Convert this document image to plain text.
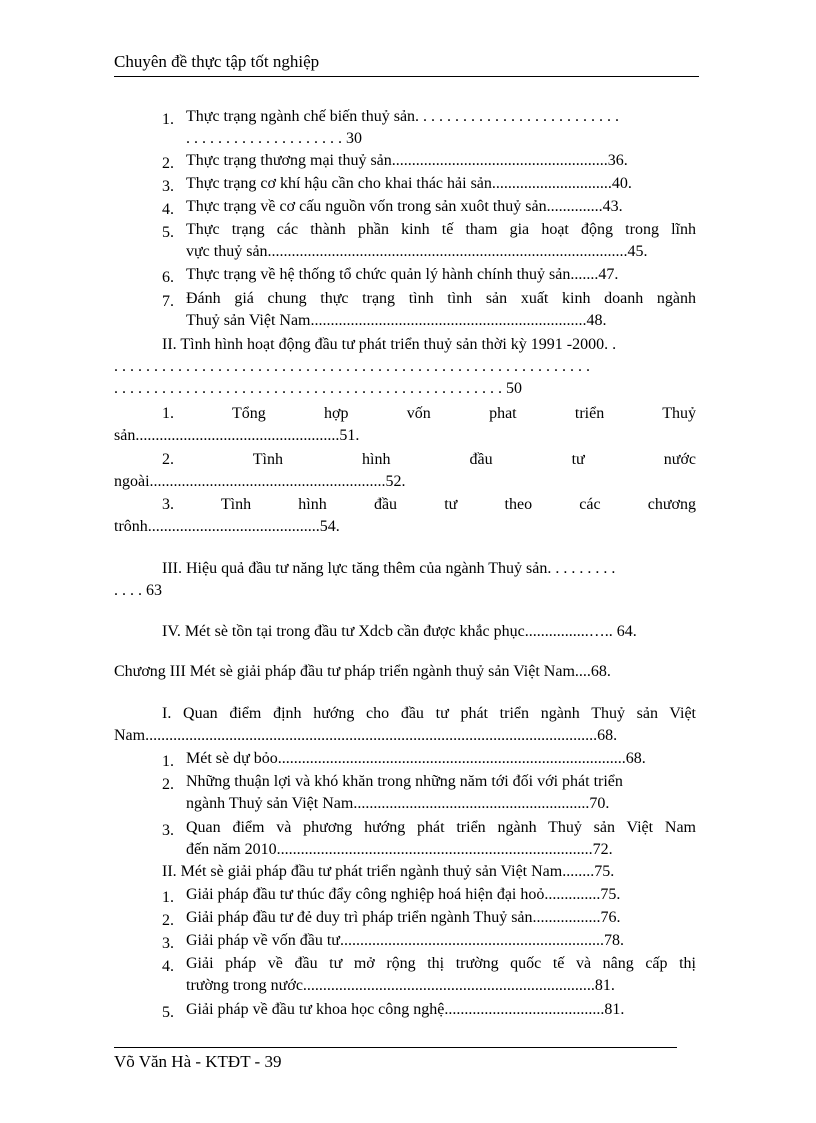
Chuyên đề thực tập tốt nghiệp
1. Thực trạng ngành chế biến thuỷ sản. . . . . . . . . . . . . . . . . . . . . . . . . .
. . . . . . . . . . . . . . . . . . . . 30
2. Thực trạng thương mại thuỷ sản......................................................36.
3. Thực trạng cơ khí hậu cần cho khai thác hải sản..............................40.
4. Thực trạng về cơ cấu nguồn vốn trong sản xuôt thuỷ sản..............43.
5. Thực trạng các thành phần kinh tế tham gia hoạt động trong lĩnh
vực thuỷ sản..........................................................................................45.
6. Thực trạng về hệ thống tổ chức quản lý hành chính thuỷ sản.......47.
7. Đánh giá chung thực trạng tình tình sản xuất kinh doanh ngành
Thuỷ sản Việt Nam.....................................................................48.
II. Tình hình hoạt động đầu tư phát triển thuỷ sản thời kỳ 1991 -2000. .
. . . . . . . . . . . . . . . . . . . . . . . . . . . . . . . . . . . . . . . . . . . . . . . . . . . . . . . . . . . .
. . . . . . . . . . . . . . . . . . . . . . . . . . . . . . . . . . . . . . . . . . . . . . . . . 50
1. Tổng hợp vốn phat triển Thuỷ
sản...................................................51.
2. Tình hình đầu tư nước
ngoài...........................................................52.
3. Tình hình đầu tư theo các chương
trônh...........................................54.
III. Hiệu quả đầu tư năng lực tăng thêm của ngành Thuỷ sản. . . . . . . . .
. . . . 63
IV. Mét sè tồn tại trong đầu tư Xdcb cần được khắc phục................….. 64.
Chương III Mét sè giải pháp đầu tư pháp triển ngành thuỷ sản Việt Nam....68.
I. Quan điểm định hướng cho đầu tư phát triển ngành Thuỷ sản Việt
Nam.................................................................................................................68.
1. Mét sè dự bỏo.......................................................................................68.
2. Những thuận lợi và khó khăn trong những năm tới đối với phát triển
ngành Thuỷ sản Việt Nam...........................................................70.
3. Quan điểm và phương hướng phát triển ngành Thuỷ sản Việt Nam
đến năm 2010...............................................................................72.
II. Mét sè giải pháp đầu tư phát triển ngành thuỷ sản Việt Nam........75.
1. Giải pháp đầu tư thúc đẩy công nghiệp hoá hiện đại hoỏ..............75.
2. Giải pháp đầu tư đẻ duy trì pháp triển ngành Thuỷ sản.................76.
3. Giải pháp về vốn đầu tư..................................................................78.
4. Giải pháp về đầu tư mở rộng thị trường quốc tế và nâng cấp thị
trường trong nước.........................................................................81.
5. Giải pháp về đầu tư khoa học công nghệ........................................81.
Võ Văn Hà - KTĐT - 39
